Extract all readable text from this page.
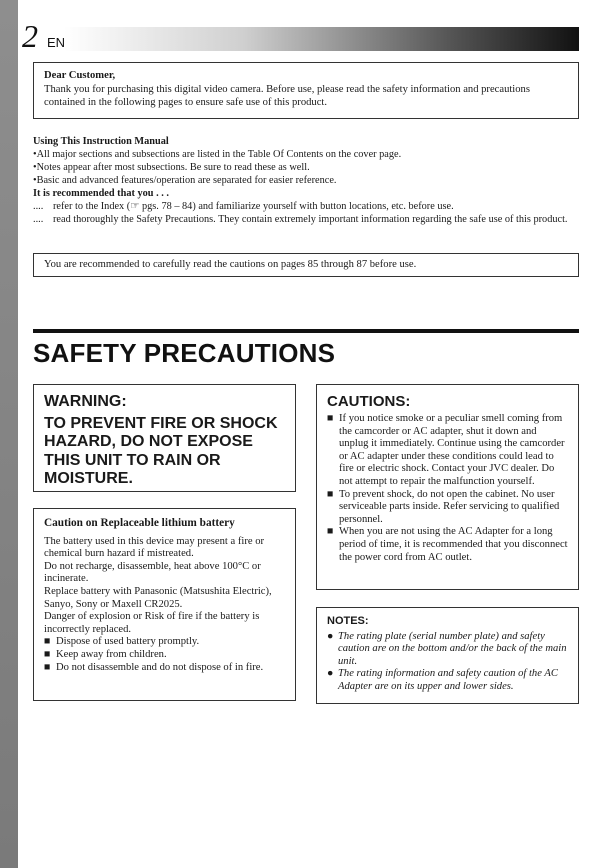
2 EN
Dear Customer,
Thank you for purchasing this digital video camera. Before use, please read the safety information and precautions contained in the following pages to ensure safe use of this product.
Using This Instruction Manual
•All major sections and subsections are listed in the Table Of Contents on the cover page.
•Notes appear after most subsections. Be sure to read these as well.
•Basic and advanced features/operation are separated for easier reference.
It is recommended that you . . .
.... refer to the Index (☞ pgs. 78 – 84) and familiarize yourself with button locations, etc. before use.
.... read thoroughly the Safety Precautions. They contain extremely important information regarding the safe use of this product.
You are recommended to carefully read the cautions on pages 85 through 87 before use.
SAFETY PRECAUTIONS
WARNING:
TO PREVENT FIRE OR SHOCK HAZARD, DO NOT EXPOSE THIS UNIT TO RAIN OR MOISTURE.
Caution on Replaceable lithium battery
The battery used in this device may present a fire or chemical burn hazard if mistreated.
Do not recharge, disassemble, heat above 100°C or incinerate.
Replace battery with Panasonic (Matsushita Electric), Sanyo, Sony or Maxell CR2025.
Danger of explosion or Risk of fire if the battery is incorrectly replaced.
■ Dispose of used battery promptly.
■ Keep away from children.
■ Do not disassemble and do not dispose of in fire.
CAUTIONS:
■ If you notice smoke or a peculiar smell coming from the camcorder or AC adapter, shut it down and unplug it immediately. Continue using the camcorder or AC adapter under these conditions could lead to fire or electric shock. Contact your JVC dealer. Do not attempt to repair the malfunction yourself.
■ To prevent shock, do not open the cabinet. No user serviceable parts inside. Refer servicing to qualified personnel.
■ When you are not using the AC Adapter for a long period of time, it is recommended that you disconnect the power cord from AC outlet.
NOTES:
● The rating plate (serial number plate) and safety caution are on the bottom and/or the back of the main unit.
● The rating information and safety caution of the AC Adapter are on its upper and lower sides.
